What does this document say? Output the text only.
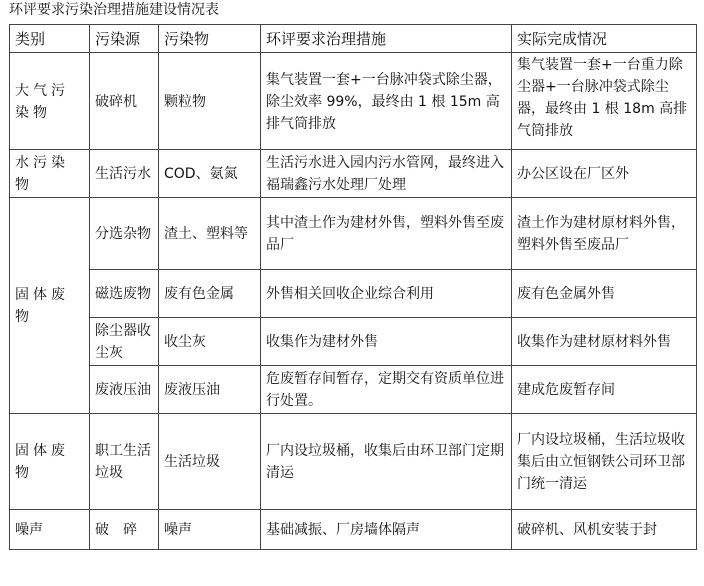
环评要求污染治理措施建设情况表
类别	污染源	污染物	环评要求治理措施	实际完成情况
大气污染物	破碎机	颗粒物	集气装置一套+一台脉冲袋式除尘器，除尘效率 99%，最终由 1 根 15m 高排气筒排放	集气装置一套+一台重力除尘器+一台脉冲袋式除尘器，最终由 1 根 18m 高排气筒排放
水污染物	生活污水	COD、氨氮	生活污水进入园内污水管网，最终进入福瑞鑫污水处理厂处理	办公区设在厂区外
固体废物	分选杂物	渣土、塑料等	其中渣土作为建材外售，塑料外售至废品厂	渣土作为建材原材料外售，塑料外售至废品厂
	磁选废物	废有色金属	外售相关回收企业综合利用	废有色金属外售
	除尘器收尘灰	收尘灰	收集作为建材外售	收集作为建材原材料外售
	废液压油	废液压油	危废暂存间暂存，定期交有资质单位进行处置。	建成危废暂存间
固体废物	职工生活垃圾	生活垃圾	厂内设垃圾桶，收集后由环卫部门定期清运	厂内设垃圾桶，生活垃圾收集后由立恒钢铁公司环卫部门统一清运
噪声	破　碎	噪声	基础减振、厂房墙体隔声	破碎机、风机安装于封
